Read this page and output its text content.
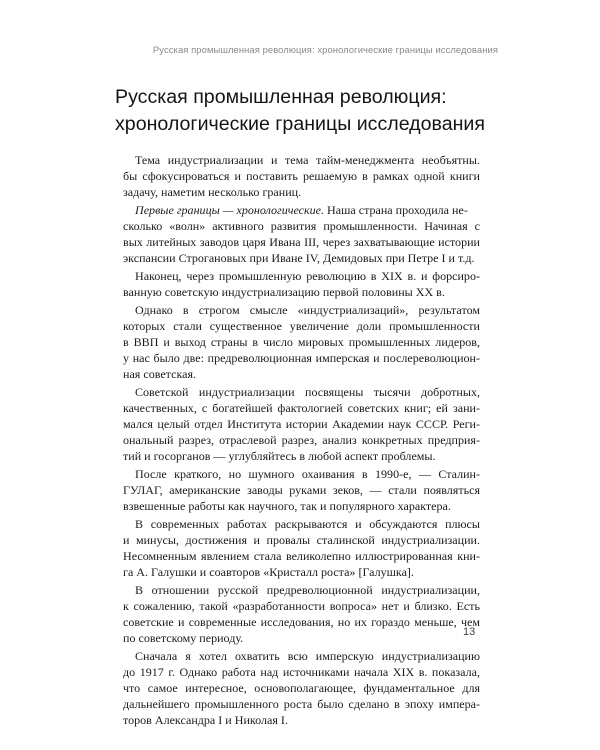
Русская промышленная революция: хронологические границы исследования
Русская промышленная революция:
хронологические границы исследования
Тема индустриализации и тема тайм-менеджмента необъятны.
бы сфокусироваться и поставить решаемую в рамках одной книги
задачу, наметим несколько границ.
Первые границы — хронологические. Наша страна проходила не-
сколько «волн» активного развития промышленности. Начиная с
вых литейных заводов царя Ивана III, через захватывающие истории
экспансии Строгановых при Иване IV, Демидовых при Петре I и т.д.
Наконец, через промышленную революцию в XIX в. и форсиро-
ванную советскую индустриализацию первой половины XX в.
Однако в строгом смысле «индустриализаций», результатом
которых стали существенное увеличение доли промышленности
в ВВП и выход страны в число мировых промышленных лидеров,
у нас было две: предреволюционная имперская и послереволюцион-
ная советская.
Советской индустриализации посвящены тысячи добротных,
качественных, с богатейшей фактологией советских книг; ей зани-
мался целый отдел Института истории Академии наук СССР. Реги-
ональный разрез, отраслевой разрез, анализ конкретных предприя-
тий и госорганов — углубляйтесь в любой аспект проблемы.
После краткого, но шумного охаивания в 1990-е, — Сталин-
ГУЛАГ, американские заводы руками зеков, — стали появляться
взвешенные работы как научного, так и популярного характера.
В современных работах раскрываются и обсуждаются плюсы
и минусы, достижения и провалы сталинской индустриализации.
Несомненным явлением стала великолепно иллюстрированная кни-
га А. Галушки и соавторов «Кристалл роста» [Галушка].
В отношении русской предреволюционной индустриализации,
к сожалению, такой «разработанности вопроса» нет и близко. Есть
советские и современные исследования, но их гораздо меньше, чем
по советскому периоду.
Сначала я хотел охватить всю имперскую индустриализацию
до 1917 г. Однако работа над источниками начала XIX в. показала,
что самое интересное, основополагающее, фундаментальное для
дальнейшего промышленного роста было сделано в эпоху импера-
торов Александра I и Николая I.
13
